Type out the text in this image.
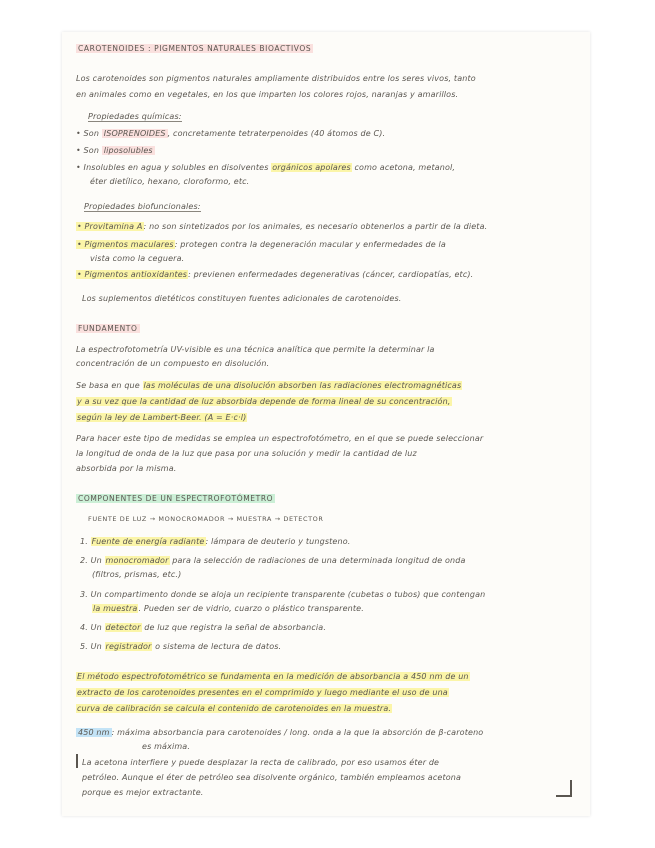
CAROTENOIDES : PIGMENTOS NATURALES BIOACTIVOS
Los carotenoides son pigmentos naturales ampliamente distribuidos entre los seres vivos, tanto
en animales como en vegetales, en los que imparten los colores rojos, naranjas y amarillos.
Propiedades químicas:
• Son ISOPRENOIDES , concretamente tetraterpenoides (40 átomos de C).
• Son liposolubles
• Insolubles en agua y solubles en disolventes orgánicos apolares como acetona, metanol,
éter dietílico, hexano, cloroformo, etc.
Propiedades biofuncionales:
• Provitamina A: no son sintetizados por los animales, es necesario obtenerlos a partir de la dieta.
• Pigmentos maculares: protegen contra la degeneración macular y enfermedades de la
vista como la ceguera.
• Pigmentos antioxidantes: previenen enfermedades degenerativas (cáncer, cardiopatías, etc).
Los suplementos dietéticos constituyen fuentes adicionales de carotenoides.
FUNDAMENTO
La espectrofotometría UV-visible es una técnica analítica que permite la determinar la
concentración de un compuesto en disolución.
Se basa en que las moléculas de una disolución absorben las radiaciones electromagnéticas
y a su vez que la cantidad de luz absorbida depende de forma lineal de su concentración,
según la ley de Lambert-Beer. (A = E·c·l)
Para hacer este tipo de medidas se emplea un espectrofotómetro, en el que se puede seleccionar
la longitud de onda de la luz que pasa por una solución y medir la cantidad de luz
absorbida por la misma.
COMPONENTES DE UN ESPECTROFOTÓMETRO
FUENTE DE LUZ → MONOCROMADOR → MUESTRA → DETECTOR
1. Fuente de energía radiante: lámpara de deuterio y tungsteno.
2. Un monocromador para la selección de radiaciones de una determinada longitud de onda
(filtros, prismas, etc.)
3. Un compartimento donde se aloja un recipiente transparente (cubetas o tubos) que contengan
la muestra. Pueden ser de vidrio, cuarzo o plástico transparente.
4. Un detector de luz que registra la señal de absorbancia.
5. Un registrador o sistema de lectura de datos.
El método espectrofotométrico se fundamenta en la medición de absorbancia a 450 nm de un
extracto de los carotenoides presentes en el comprimido y luego mediante el uso de una
curva de calibración se calcula el contenido de carotenoides en la muestra.
450 nm : máxima absorbancia para carotenoides / long. onda a la que la absorción de β-caroteno
es máxima.
La acetona interfiere y puede desplazar la recta de calibrado, por eso usamos éter de
petróleo. Aunque el éter de petróleo sea disolvente orgánico, también empleamos acetona
porque es mejor extractante.
